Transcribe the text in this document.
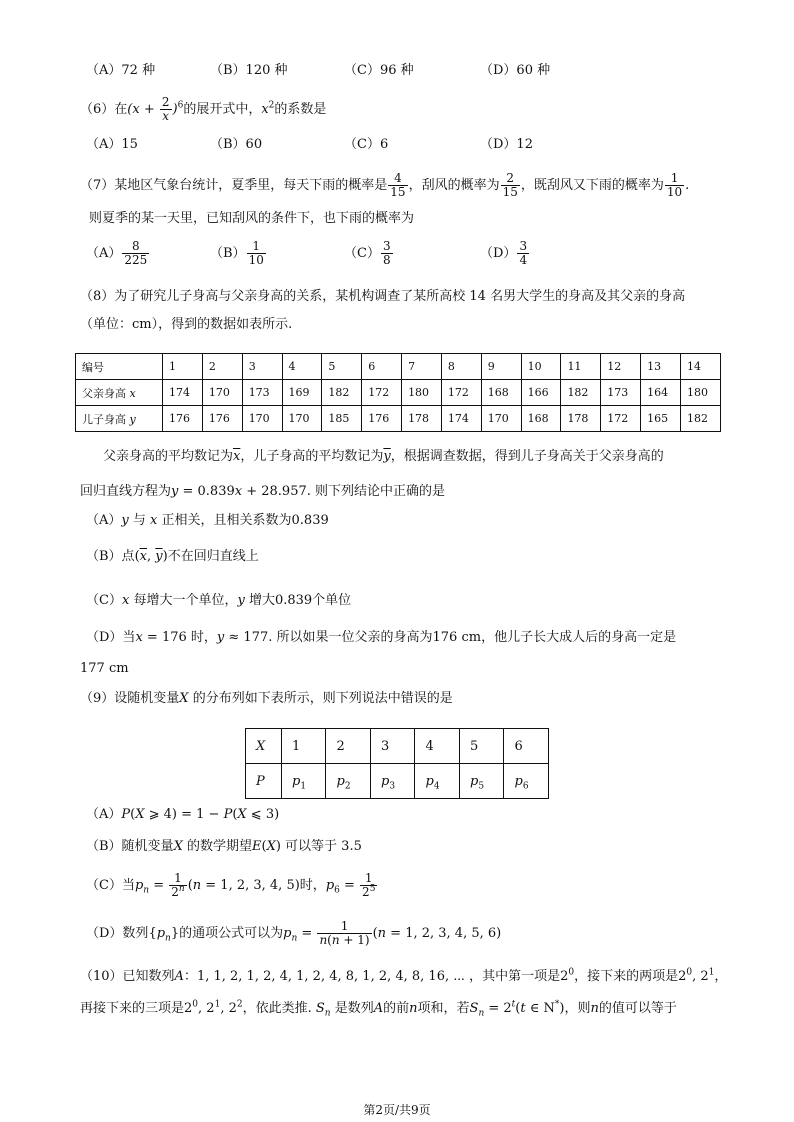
（A）72 种	（B）120 种	（C）96 种	（D）60 种
（6）在$(x + \frac{2}{x} )^6$的展开式中，$x^2$的系数是
（A）15	（B）60	（C）6	（D）12
（7）某地区气象台统计，夏季里，每天下雨的概率是 $\frac{4}{15}$ ，刮风的概率为 $\frac{2}{15}$ ，既刮风又下雨的概率为 $\frac{1}{10}$ .
则夏季的某一天里，已知刮风的条件下，也下雨的概率为
$(A) \frac{8}{225}$	$(B) \frac{1}{10}$	$(C) \frac{3}{8}$	$(D) \frac{3}{4}$
（8）为了研究儿子身高与父亲身高的关系，某机构调查了某所高校 14 名男大学生的身高及其父亲的身高
（单位：cm），得到的数据如表所示.
编号	1	2	3	4	5	6	7	8	9	10	11	12	13	14
父亲身高 x	174	170	173	169	182	172	180	172	168	166	182	173	164	180
儿子身高 y	176	176	170	170	185	176	178	174	170	168	178	172	165	182
父亲身高的平均数记为$\overline{x}$，儿子身高的平均数记为$\overline{y}$，根据调查数据，得到儿子身高关于父亲身高的
回归直线方程为y = 0.839x + 28.957. 则下列结论中正确的是
（A）y 与 x 正相关，且相关系数为0.839
（B）点($\overline{x}$, $\overline{y}$)不在回归直线上
（C）x 每增大一个单位，y 增大0.839个单位
（D）当x = 176 时，y ≈ 177. 所以如果一位父亲的身高为176 cm，他儿子长大成人后的身高一定是
177 cm
（9）设随机变量X 的分布列如下表所示，则下列说法中错误的是
X	1	2	3	4	5	6
P	$p_1$	$p_2$	$p_3$	$p_4$	$p_5$	$p_6$
（A）P(X ⩾ 4) = 1 − P(X ⩽ 3)
（B）随机变量X 的数学期望E(X) 可以等于 3.5
（C）当$p_n = \frac{1}{2^n} (n = 1$, 2, 3, 4, 5)时，$p_6 = \frac{1}{2^5}$
（D）数列$\{p_n\}$的通项公式可以为$p_n = \frac{1}{n(n + 1)} (n = 1$, 2, 3, 4, 5, 6)
（10）已知数列A：1, 1, 2, 1, 2, 4, 1, 2, 4, 8, 1, 2, 4, 8, 16, ⋯ ，其中第一项是$2^0$，接下来的两项是$2^0$, $2^1$，
再接下来的三项是$2^0$, $2^1$, $2^2$，依此类推. $S_n$ 是数列A的前n项和，若$S_n = 2^t(t$ ∈ N*)，则n的值可以等于
第2页/共9页
